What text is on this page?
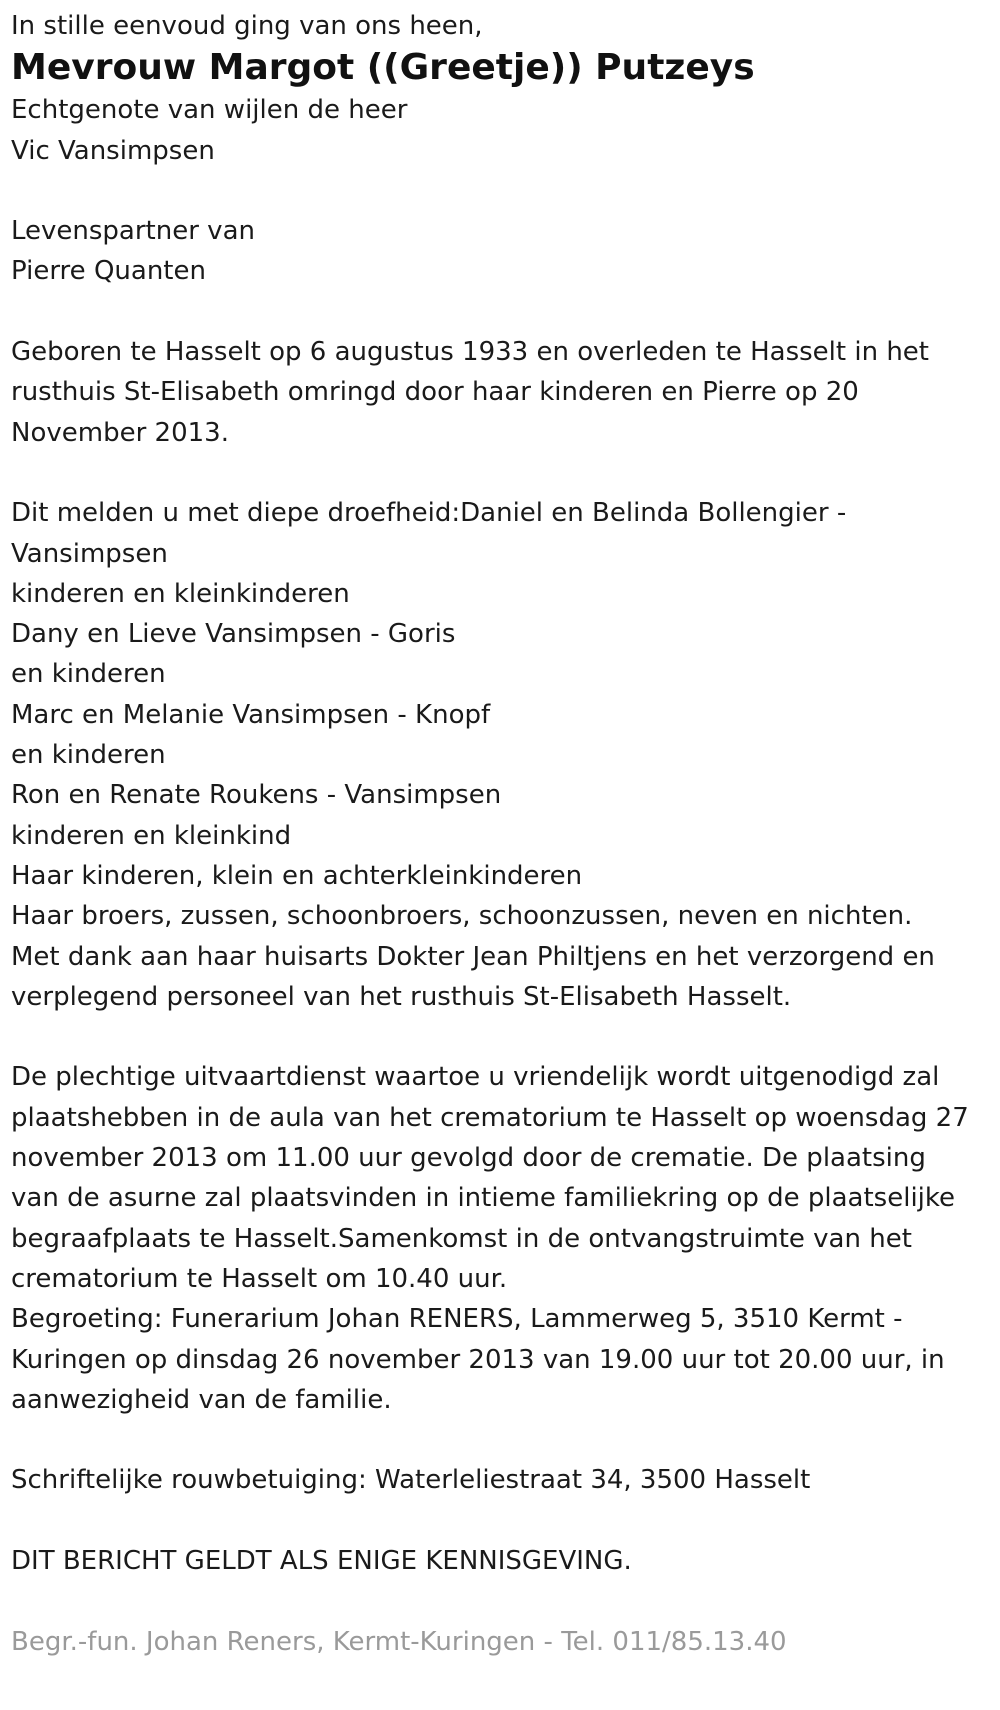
In stille eenvoud ging van ons heen,

Mevrouw Margot ((Greetje)) Putzeys

Echtgenote van wijlen de heer

Vic Vansimpsen

Levenspartner van

Pierre Quanten

Geboren te Hasselt op 6 augustus 1933 en overleden te Hasselt in het

rusthuis St-Elisabeth omringd door haar kinderen en Pierre op 20

November 2013.

Dit melden u met diepe droefheid:Daniel en Belinda Bollengier -

Vansimpsen

kinderen en kleinkinderen

Dany en Lieve Vansimpsen - Goris

en kinderen

Marc en Melanie Vansimpsen - Knopf

en kinderen

Ron en Renate Roukens - Vansimpsen

kinderen en kleinkind

Haar kinderen, klein en achterkleinkinderen

Haar broers, zussen, schoonbroers, schoonzussen, neven en nichten.

Met dank aan haar huisarts Dokter Jean Philtjens en het verzorgend en

verplegend personeel van het rusthuis St-Elisabeth Hasselt.

De plechtige uitvaartdienst waartoe u vriendelijk wordt uitgenodigd zal

plaatshebben in de aula van het crematorium te Hasselt op woensdag 27

november 2013 om 11.00 uur gevolgd door de crematie. De plaatsing

van de asurne zal plaatsvinden in intieme familiekring op de plaatselijke

begraafplaats te Hasselt.Samenkomst in de ontvangstruimte van het

crematorium te Hasselt om 10.40 uur.

Begroeting: Funerarium Johan RENERS, Lammerweg 5, 3510 Kermt -

Kuringen op dinsdag 26 november 2013 van 19.00 uur tot 20.00 uur, in

aanwezigheid van de familie.

Schriftelijke rouwbetuiging: Waterleliestraat 34, 3500 Hasselt

DIT BERICHT GELDT ALS ENIGE KENNISGEVING.

Begr.-fun. Johan Reners, Kermt-Kuringen - Tel. 011/85.13.40
